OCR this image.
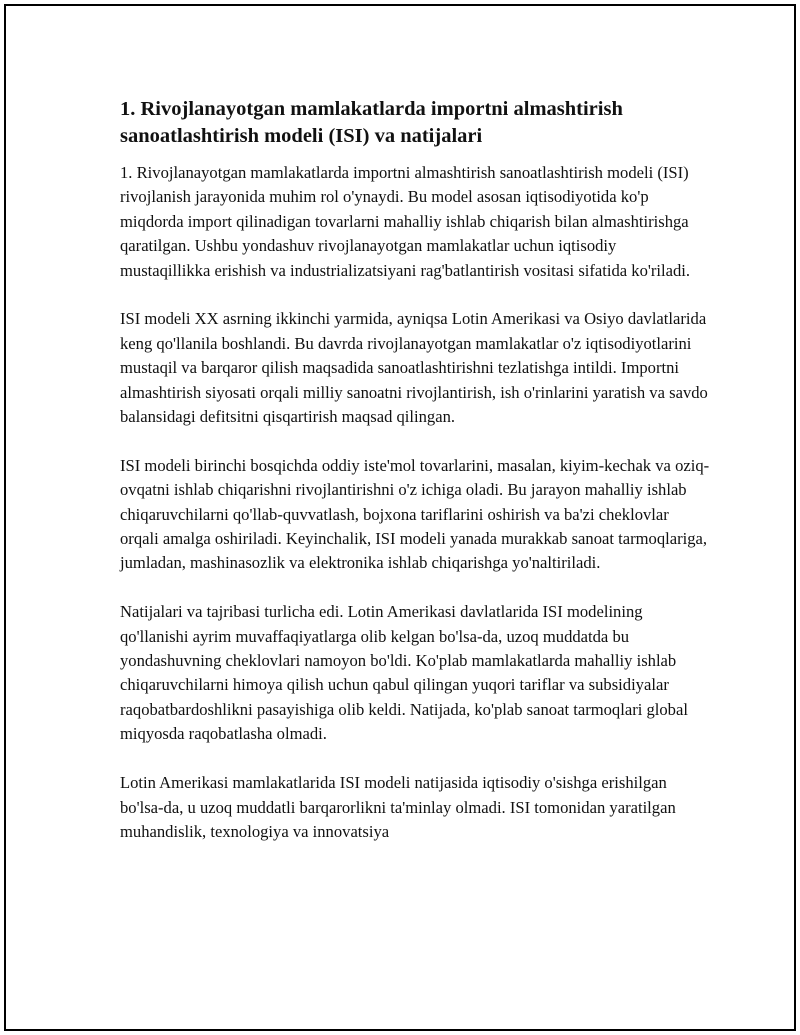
1. Rivojlanayotgan mamlakatlarda importni almashtirish sanoatlashtirish modeli (ISI) va natijalari

1. Rivojlanayotgan mamlakatlarda importni almashtirish sanoatlashtirish modeli (ISI) rivojlanish jarayonida muhim rol o'ynaydi. Bu model asosan iqtisodiyotida ko'p miqdorda import qilinadigan tovarlarni mahalliy ishlab chiqarish bilan almashtirishga qaratilgan. Ushbu yondashuv rivojlanayotgan mamlakatlar uchun iqtisodiy mustaqillikka erishish va industrializatsiyani rag'batlantirish vositasi sifatida ko'riladi.

ISI modeli XX asrning ikkinchi yarmida, ayniqsa Lotin Amerikasi va Osiyo davlatlarida keng qo'llanila boshlandi. Bu davrda rivojlanayotgan mamlakatlar o'z iqtisodiyotlarini mustaqil va barqaror qilish maqsadida sanoatlashtirishni tezlatishga intildi. Importni almashtirish siyosati orqali milliy sanoatni rivojlantirish, ish o'rinlarini yaratish va savdo balansidagi defitsitni qisqartirish maqsad qilingan.

ISI modeli birinchi bosqichda oddiy iste'mol tovarlarini, masalan, kiyim-kechak va oziq-ovqatni ishlab chiqarishni rivojlantirishni o'z ichiga oladi. Bu jarayon mahalliy ishlab chiqaruvchilarni qo'llab-quvvatlash, bojxona tariflarini oshirish va ba'zi cheklovlar orqali amalga oshiriladi. Keyinchalik, ISI modeli yanada murakkab sanoat tarmoqlariga, jumladan, mashinasozlik va elektronika ishlab chiqarishga yo'naltiriladi.

Natijalari va tajribasi turlicha edi. Lotin Amerikasi davlatlarida ISI modelining qo'llanishi ayrim muvaffaqiyatlarga olib kelgan bo'lsa-da, uzoq muddatda bu yondashuvning cheklovlari namoyon bo'ldi. Ko'plab mamlakatlarda mahalliy ishlab chiqaruvchilarni himoya qilish uchun qabul qilingan yuqori tariflar va subsidiyalar raqobatbardoshlikni pasayishiga olib keldi. Natijada, ko'plab sanoat tarmoqlari global miqyosda raqobatlasha olmadi.

Lotin Amerikasi mamlakatlarida ISI modeli natijasida iqtisodiy o'sishga erishilgan bo'lsa-da, u uzoq muddatli barqarorlikni ta'minlay olmadi. ISI tomonidan yaratilgan muhandislik, texnologiya va innovatsiya
